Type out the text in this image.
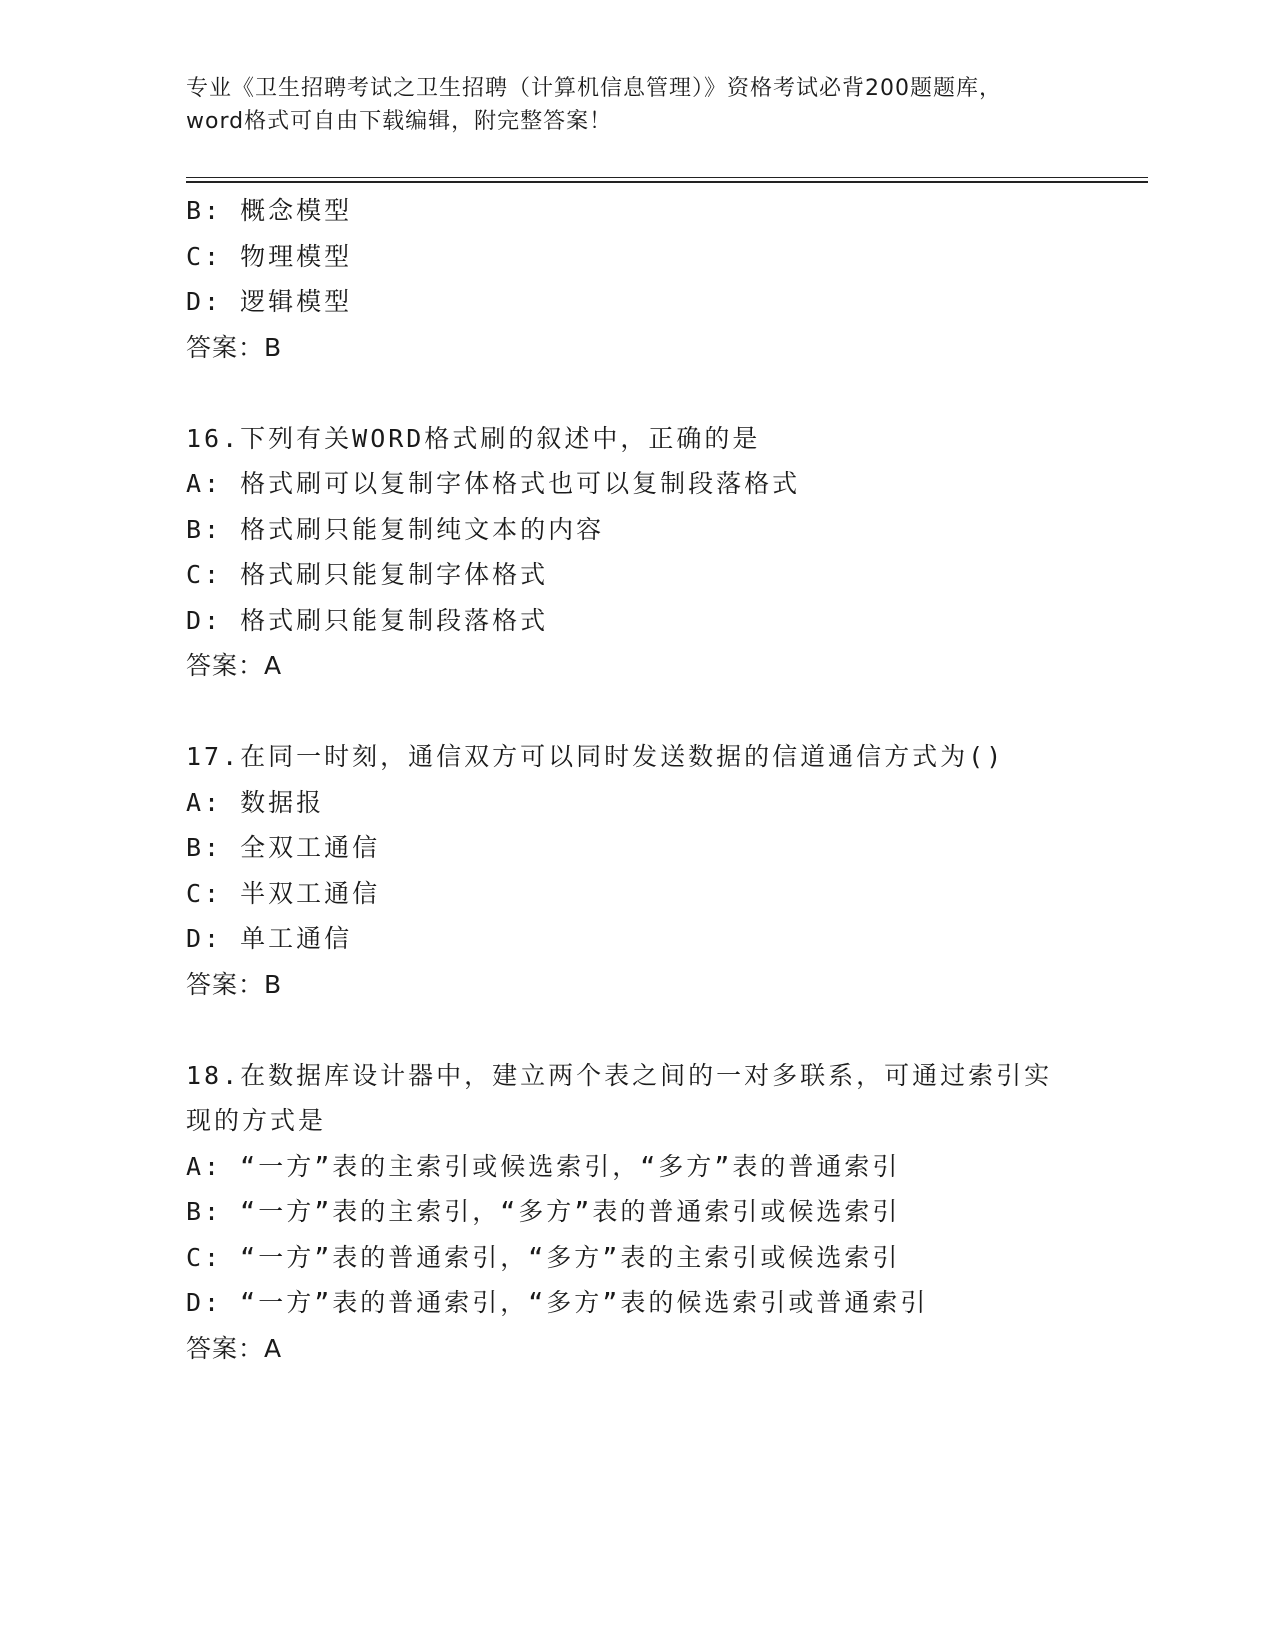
专业《卫生招聘考试之卫生招聘（计算机信息管理）》资格考试必背200题题库，
word格式可自由下载编辑，附完整答案！
B: 概念模型
C: 物理模型
D: 逻辑模型
答案：B
16.下列有关WORD格式刷的叙述中，正确的是
A: 格式刷可以复制字体格式也可以复制段落格式
B: 格式刷只能复制纯文本的内容
C: 格式刷只能复制字体格式
D: 格式刷只能复制段落格式
答案：A
17.在同一时刻，通信双方可以同时发送数据的信道通信方式为()
A: 数据报
B: 全双工通信
C: 半双工通信
D: 单工通信
答案：B
18.在数据库设计器中，建立两个表之间的一对多联系，可通过索引实
现的方式是
A: “一方”表的主索引或候选索引，“多方”表的普通索引
B: “一方”表的主索引，“多方”表的普通索引或候选索引
C: “一方”表的普通索引，“多方”表的主索引或候选索引
D: “一方”表的普通索引，“多方”表的候选索引或普通索引
答案：A
